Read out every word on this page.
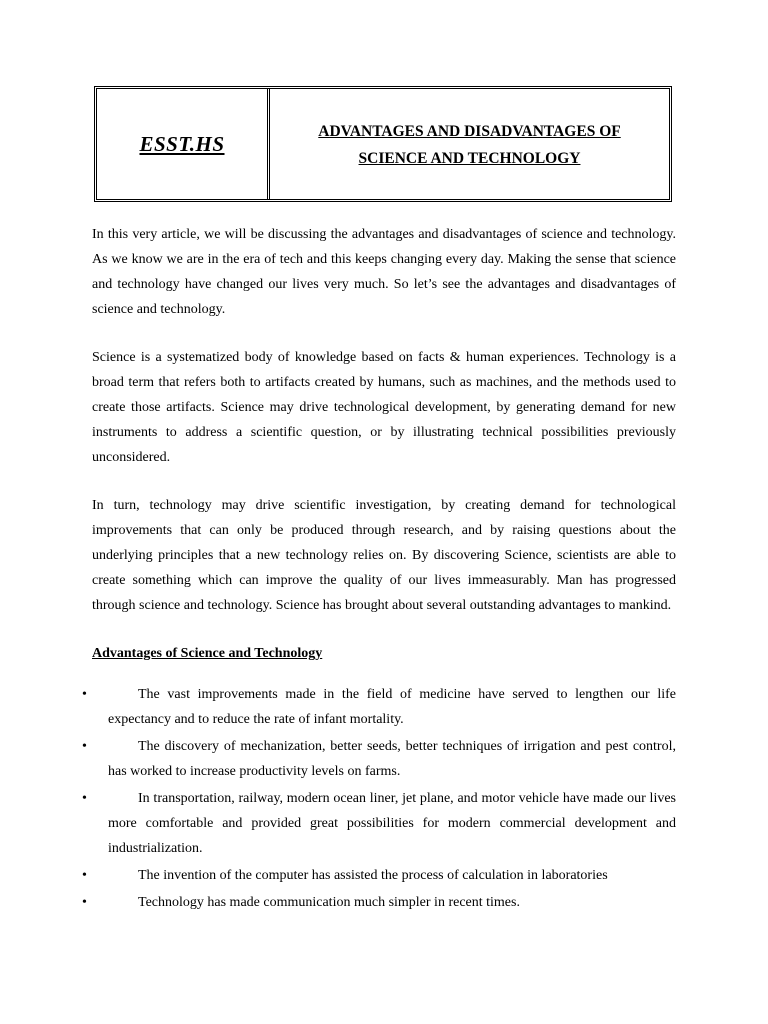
ESST.HS	ADVANTAGES AND DISADVANTAGES OF
SCIENCE AND TECHNOLOGY

In this very article, we will be discussing the advantages and disadvantages of science and technology. As we know we are in the era of tech and this keeps changing every day. Making the sense that science and technology have changed our lives very much. So let’s see the advantages and disadvantages of science and technology.

Science is a systematized body of knowledge based on facts & human experiences. Technology is a broad term that refers both to artifacts created by humans, such as machines, and the methods used to create those artifacts. Science may drive technological development, by generating demand for new instruments to address a scientific question, or by illustrating technical possibilities previously unconsidered.

In turn, technology may drive scientific investigation, by creating demand for technological improvements that can only be produced through research, and by raising questions about the underlying principles that a new technology relies on. By discovering Science, scientists are able to create something which can improve the quality of our lives immeasurably. Man has progressed through science and technology. Science has brought about several outstanding advantages to mankind.

Advantages of Science and Technology
•	The vast improvements made in the field of medicine have served to lengthen our life expectancy and to reduce the rate of infant mortality.
•	The discovery of mechanization, better seeds, better techniques of irrigation and pest control, has worked to increase productivity levels on farms.
•	In transportation, railway, modern ocean liner, jet plane, and motor vehicle have made our lives more comfortable and provided great possibilities for modern commercial development and industrialization.
•	The invention of the computer has assisted the process of calculation in laboratories
•	Technology has made communication much simpler in recent times.
